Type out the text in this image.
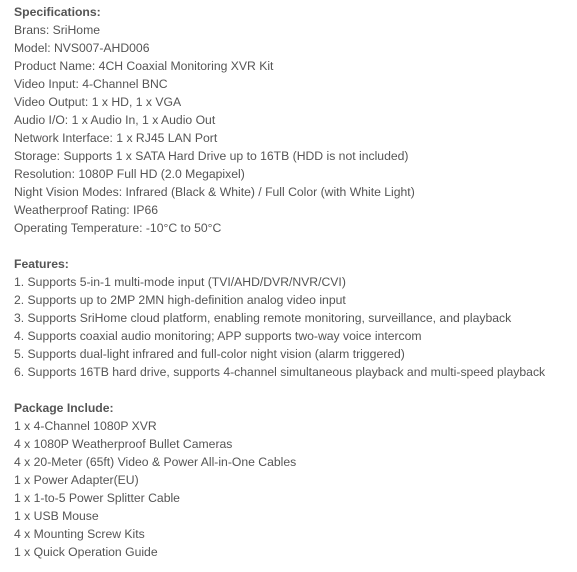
Specifications:
Brans: SriHome
Model: NVS007-AHD006
Product Name: 4CH Coaxial Monitoring XVR Kit
Video Input: 4-Channel BNC
Video Output: 1 x HD, 1 x VGA
Audio I/O: 1 x Audio In, 1 x Audio Out
Network Interface: 1 x RJ45 LAN Port
Storage: Supports 1 x SATA Hard Drive up to 16TB (HDD is not included)
Resolution: 1080P Full HD (2.0 Megapixel)
Night Vision Modes: Infrared (Black & White) / Full Color (with White Light)
Weatherproof Rating: IP66
Operating Temperature: -10°C to 50°C
Features:
1. Supports 5-in-1 multi-mode input (TVI/AHD/DVR/NVR/CVI)
2. Supports up to 2MP 2MN high-definition analog video input
3. Supports SriHome cloud platform, enabling remote monitoring, surveillance, and playback
4. Supports coaxial audio monitoring; APP supports two-way voice intercom
5. Supports dual-light infrared and full-color night vision (alarm triggered)
6. Supports 16TB hard drive, supports 4-channel simultaneous playback and multi-speed playback
Package Include:
1 x 4-Channel 1080P XVR
4 x 1080P Weatherproof Bullet Cameras
4 x 20-Meter (65ft) Video & Power All-in-One Cables
1 x Power Adapter(EU)
1 x 1-to-5 Power Splitter Cable
1 x USB Mouse
4 x Mounting Screw Kits
1 x Quick Operation Guide
